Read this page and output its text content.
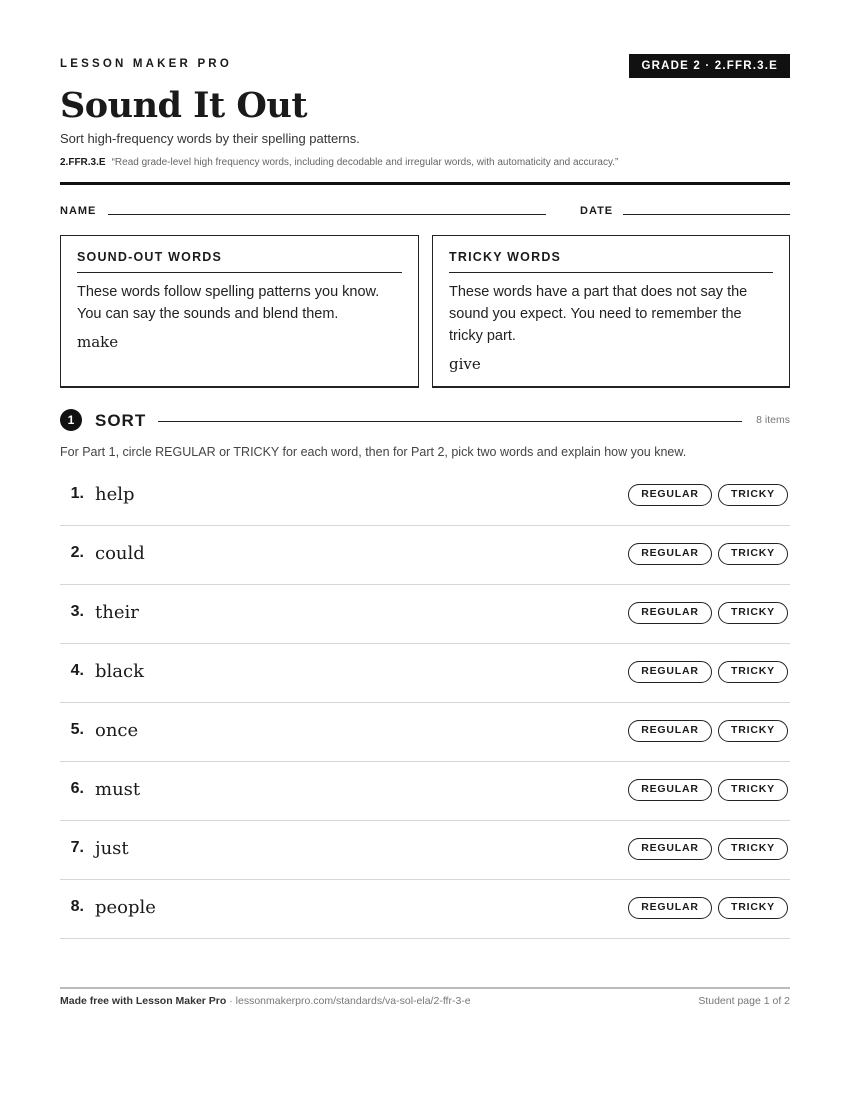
LESSON MAKER PRO	GRADE 2 · 2.FFR.3.E
Sound It Out
Sort high-frequency words by their spelling patterns.
2.FFR.3.E “Read grade-level high frequency words, including decodable and irregular words, with automaticity and accuracy.”
NAME	DATE
SOUND-OUT WORDS
These words follow spelling patterns you know. You can say the sounds and blend them.
make
TRICKY WORDS
These words have a part that does not say the sound you expect. You need to remember the tricky part.
give
1	SORT	8 items
For Part 1, circle REGULAR or TRICKY for each word, then for Part 2, pick two words and explain how you knew.
1. help	REGULAR	TRICKY
2. could	REGULAR	TRICKY
3. their	REGULAR	TRICKY
4. black	REGULAR	TRICKY
5. once	REGULAR	TRICKY
6. must	REGULAR	TRICKY
7. just	REGULAR	TRICKY
8. people	REGULAR	TRICKY
Made free with Lesson Maker Pro · lessonmakerpro.com/standards/va-sol-ela/2-ffr-3-e	Student page 1 of 2
